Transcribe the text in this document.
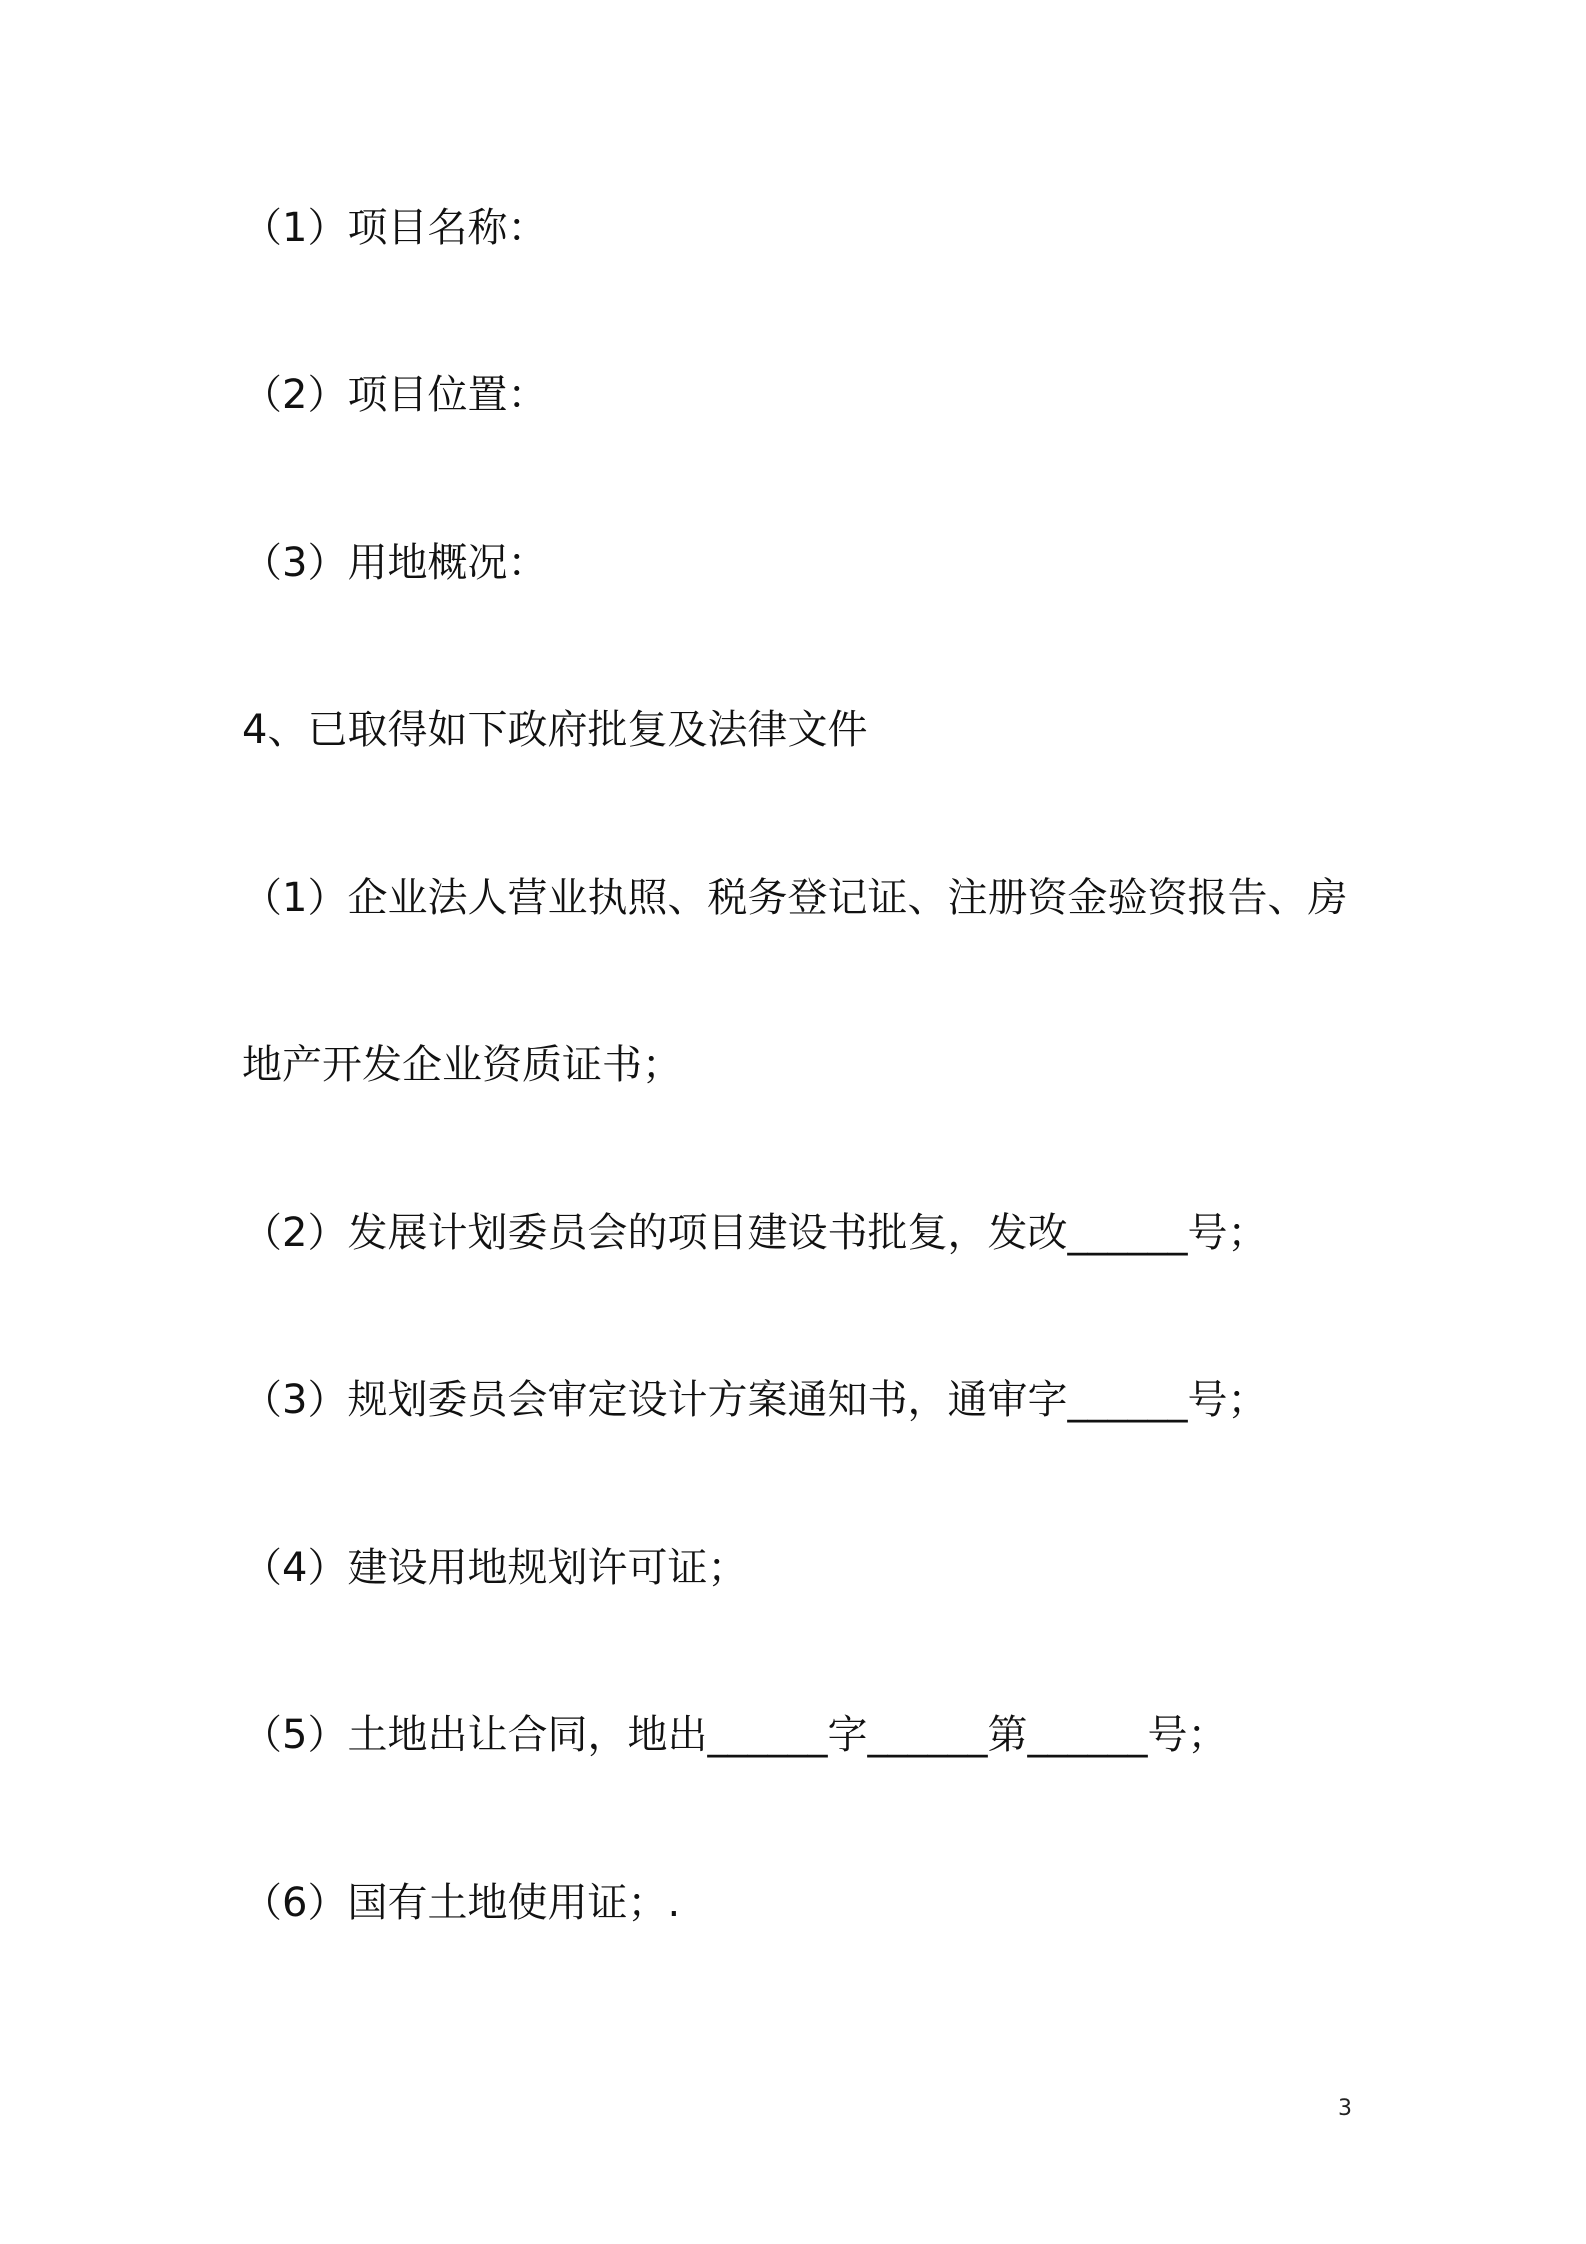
（1）项目名称：
（2）项目位置：
（3）用地概况：
4、已取得如下政府批复及法律文件
（1）企业法人营业执照、税务登记证、注册资金验资报告、房
地产开发企业资质证书；
（2）发展计划委员会的项目建设书批复，发改______号；
（3）规划委员会审定设计方案通知书，通审字______号；
（4）建设用地规划许可证；
（5）土地出让合同，地出______字______第______号；
（6）国有土地使用证；.
3
